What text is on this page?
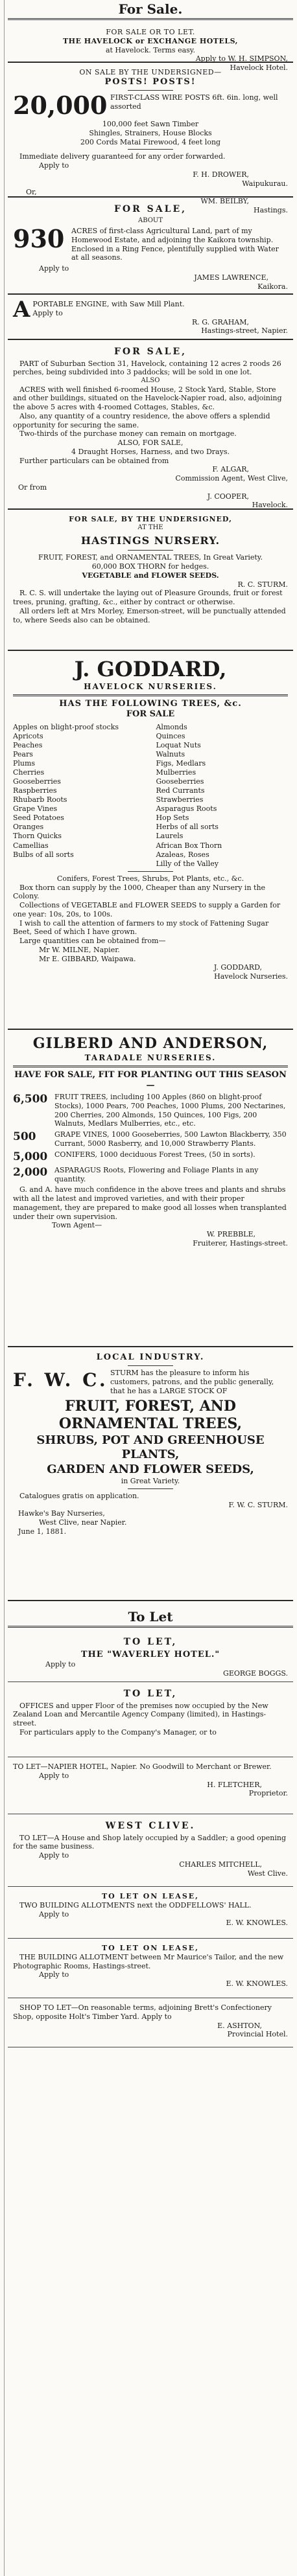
For Sale.
FOR SALE OR TO LET.
THE HAVELOCK or EXCHANGE HOTELS,
at Havelock. Terms easy.
Apply to W. H. SIMPSON,
Havelock Hotel.
ON SALE BY THE UNDERSIGNED—
POSTS! POSTS!
20,000 FIRST-CLASS WIRE POSTS 6ft. 6in. long, well assorted
100,000 feet Sawn Timber
Shingles, Strainers, House Blocks
200 Cords Matai Firewood, 4 feet long
Immediate delivery guaranteed for any order forwarded.
Apply to
F. H. DROWER,
Waipukurau.
Or,
WM. BEILBY,
Hastings.
FOR SALE,
ABOUT
930 ACRES of first-class Agricultural Land, part of my Homewood Estate, and adjoining the Kaikora township. Enclosed in a Ring Fence, plentifully supplied with Water at all seasons.
Apply to
JAMES LAWRENCE,
Kaikora.
A PORTABLE ENGINE, with Saw Mill Plant.
Apply to
R. G. GRAHAM,
Hastings-street, Napier.
FOR SALE,
PART of Suburban Section 31, Havelock, containing 12 acres 2 roods 26 perches, being subdivided into 3 paddocks; will be sold in one lot.
ALSO
ACRES with well finished 6-roomed House, 2 Stock Yard, Stable, Store and other buildings, situated on the Havelock-Napier road, also, adjoining the above 5 acres with 4-roomed Cottages, Stables, &c.
Also, any quantity of a country residence, the above offers a splendid opportunity for securing the same.
Two-thirds of the purchase money can remain on mortgage.
ALSO, FOR SALE,
4 Draught Horses, Harness, and two Drays.
Further particulars can be obtained from
F. ALGAR,
Commission Agent, West Clive,
Or from
J. COOPER,
Havelock.
FOR SALE, BY THE UNDERSIGNED,
AT THE
HASTINGS NURSERY.
FRUIT, FOREST, and ORNAMENTAL TREES, In Great Variety.
60,000 BOX THORN for hedges.
VEGETABLE and FLOWER SEEDS.
R. C. STURM.
R. C. S. will undertake the laying out of Pleasure Grounds, fruit or forest trees, pruning, grafting, &c., either by contract or otherwise.
All orders left at Mrs Morley, Emerson-street, will be punctually attended to, where Seeds also can be obtained.
J. GODDARD,
HAVELOCK NURSERIES.
HAS THE FOLLOWING TREES, &c.
FOR SALE
Apples on blight-proof stocks
Apricots
Peaches
Pears
Plums
Cherries
Gooseberries
Raspberries
Rhubarb Roots
Grape Vines
Seed Potatoes
Oranges
Thorn Quicks
Camellias
Bulbs of all sorts
Almonds
Quinces
Loquat Nuts
Walnuts
Figs, Medlars
Mulberries
Gooseberries
Red Currants
Strawberries
Asparagus Roots
Hop Sets
Herbs of all sorts
Laurels
African Box Thorn
Azaleas, Roses
Lilly of the Valley
Conifers, Forest Trees, Shrubs, Pot Plants, etc., &c.
Box thorn can supply by the 1000, Cheaper than any Nursery in the Colony.
Collections of VEGETABLE and FLOWER SEEDS to supply a Garden for one year: 10s, 20s, to 100s.
I wish to call the attention of farmers to my stock of Fattening Sugar Beet, Seed of which I have grown.
Large quantities can be obtained from—
Mr W. MILNE, Napier.
Mr E. GIBBARD, Waipawa.
J. GODDARD,
Havelock Nurseries.
GILBERD AND ANDERSON,
TARADALE NURSERIES.
HAVE FOR SALE, FIT FOR PLANTING OUT THIS SEASON—
6,500 FRUIT TREES, including 100 Apples (860 on blight-proof Stocks), 1000 Pears, 700 Peaches, 1000 Plums, 200 Nectarines, 200 Cherries, 200 Almonds, 150 Quinces, 100 Figs, 200 Walnuts, Medlars Mulberries, etc., etc.
500	GRAPE VINES, 1000 Gooseberries, 500 Lawton Blackberry, 350 Currant, 5000 Rasberry, and 10,000 Strawberry Plants.
5,000 CONIFERS, 1000 deciduous Forest Trees, (50 in sorts).
2,000 ASPARAGUS Roots, Flowering and Foliage Plants in any quantity.
G. and A. have much confidence in the above trees and plants and shrubs with all the latest and improved varieties, and with their proper management, they are prepared to make good all losses when transplanted under their own supervision.
Town Agent—
W. PREBBLE,
Fruiterer, Hastings-street.
LOCAL INDUSTRY.
F. W. C. STURM has the pleasure to inform his customers, patrons, and the public generally, that he has a LARGE STOCK OF
FRUIT, FOREST, AND ORNAMENTAL TREES,
SHRUBS, POT AND GREENHOUSE PLANTS,
GARDEN AND FLOWER SEEDS,
in Great Variety.
Catalogues gratis on application.
F. W. C. STURM.
Hawke's Bay Nurseries,
West Clive, near Napier.
June 1, 1881.
To Let
TO LET,
THE "WAVERLEY HOTEL."
Apply to
GEORGE BOGGS.
TO LET,
OFFICES and upper Floor of the premises now occupied by the New Zealand Loan and Mercantile Agency Company (limited), in Hastings-street.
For particulars apply to the Company's Manager, or to
TO LET—NAPIER HOTEL, Napier. No Goodwill to Merchant or Brewer.
Apply to
H. FLETCHER,
Proprietor.
WEST CLIVE.
TO LET—A House and Shop lately occupied by a Saddler; a good opening for the same business.
Apply to
CHARLES MITCHELL,
West Clive.
TO LET ON LEASE,
TWO BUILDING ALLOTMENTS next the ODDFELLOWS' HALL.
Apply to
E. W. KNOWLES.
TO LET ON LEASE,
THE BUILDING ALLOTMENT between Mr Maurice's Tailor, and the new Photographic Rooms, Hastings-street.
Apply to
E. W. KNOWLES.
SHOP TO LET—On reasonable terms, adjoining Brett's Confectionery Shop, opposite Holt's Timber Yard. Apply to
E. ASHTON,
Provincial Hotel.
